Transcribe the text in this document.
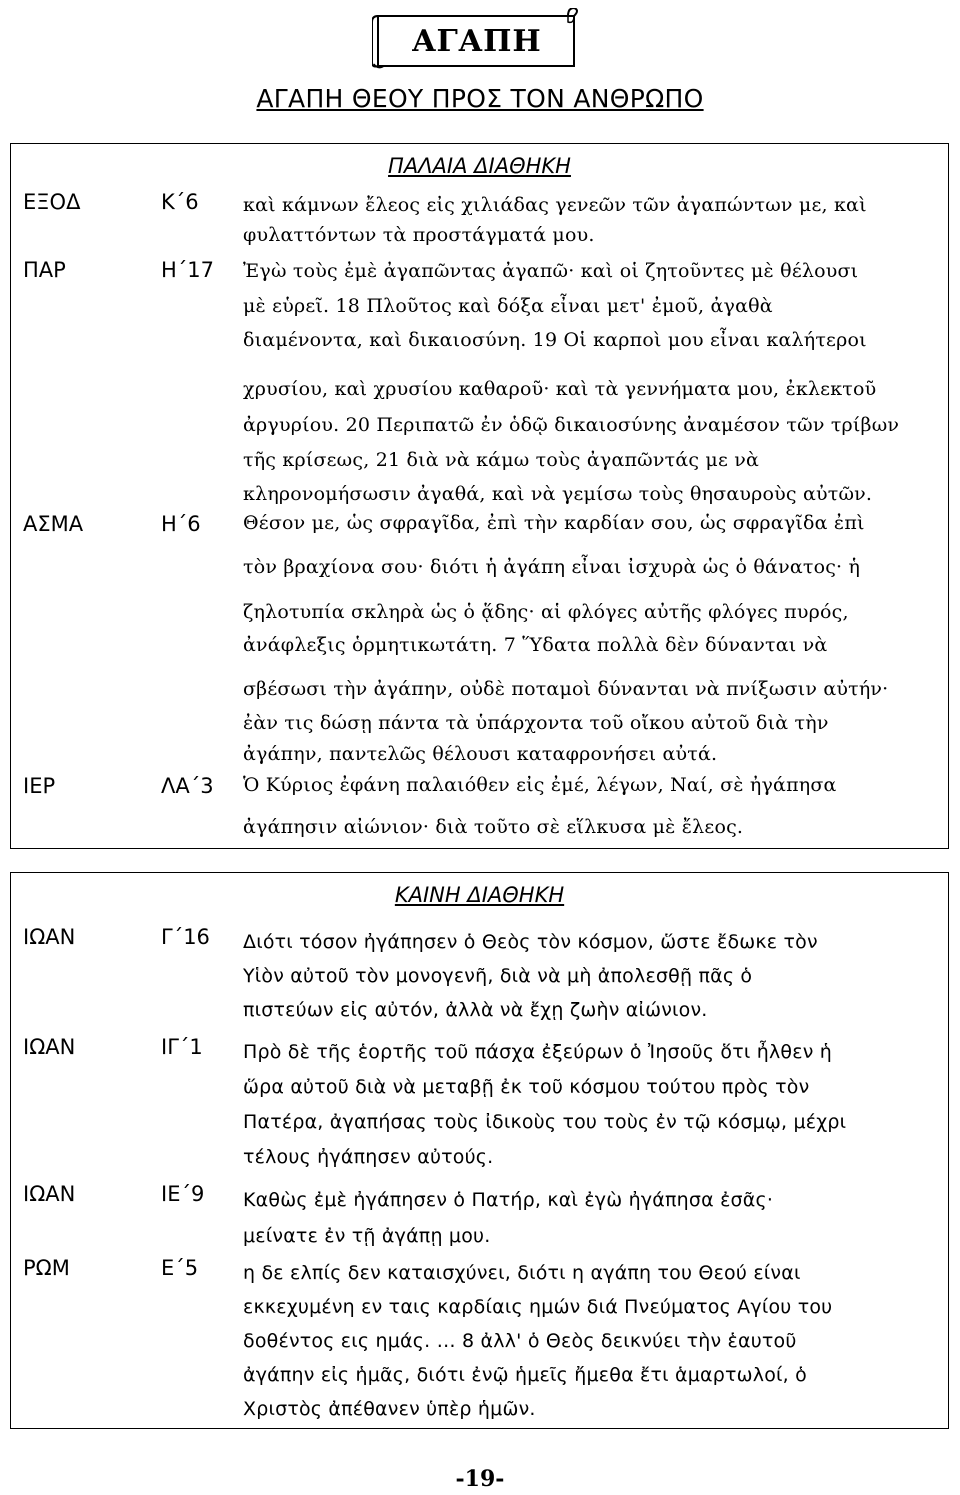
ΑΓΑΠΗ
ΑΓΑΠΗ ΘΕΟΥ ΠΡΟΣ ΤΟΝ ΑΝΘΡΩΠΟ
ΠΑΛΑΙΑ ΔΙΑΘΗΚΗ
ΕΞΟΔ	Κ΄6 καὶ κάμνων ἔλεος εἰς χιλιάδας γενεῶν τῶν ἀγαπώντων με, καὶ
φυλαττόντων τὰ προστάγματά μου.
ΠΑΡ	Η΄17 Ἐγὼ τοὺς ἐμὲ ἀγαπῶντας ἀγαπῶ· καὶ οἱ ζητοῦντες μὲ θέλουσι
μὲ εὑρεῖ. 18 Πλοῦτος καὶ δόξα εἶναι μετ' ἐμοῦ, ἀγαθὰ
διαμένοντα, καὶ δικαιοσύνη. 19 Οἱ καρποὶ μου εἶναι καλήτεροι
χρυσίου, καὶ χρυσίου καθαροῦ· καὶ τὰ γεννήματα μου, ἐκλεκτοῦ
ἀργυρίου. 20 Περιπατῶ ἐν ὁδῷ δικαιοσύνης ἀναμέσον τῶν τρίβων
τῆς κρίσεως, 21 διὰ νὰ κάμω τοὺς ἀγαπῶντάς με νὰ
κληρονομήσωσιν ἀγαθά, καὶ νὰ γεμίσω τοὺς θησαυροὺς αὐτῶν.
ΑΣΜΑ	Η΄6 Θέσον με, ὡς σφραγῖδα, ἐπὶ τὴν καρδίαν σου, ὡς σφραγῖδα ἐπὶ
τὸν βραχίονα σου· διότι ἡ ἀγάπη εἶναι ἰσχυρὰ ὡς ὁ θάνατος· ἡ
ζηλοτυπία σκληρὰ ὡς ὁ ᾅδης· αἱ φλόγες αὐτῆς φλόγες πυρός,
ἀνάφλεξις ὁρμητικωτάτη. 7 Ὕδατα πολλὰ δὲν δύνανται νὰ
σβέσωσι τὴν ἀγάπην, οὐδὲ ποταμοὶ δύνανται νὰ πνίξωσιν αὐτήν·
ἐὰν τις δώσῃ πάντα τὰ ὑπάρχοντα τοῦ οἴκου αὐτοῦ διὰ τὴν
ἀγάπην, παντελῶς θέλουσι καταφρονήσει αὐτά.
ΙΕΡ	ΛΑ΄3 Ὁ Κύριος ἐφάνη παλαιόθεν εἰς ἐμέ, λέγων, Ναί, σὲ ἠγάπησα
ἀγάπησιν αἰώνιον· διὰ τοῦτο σὲ εἵλκυσα μὲ ἔλεος.
ΚΑΙΝΗ ΔΙΑΘΗΚΗ
ΙΩΑΝ	Γ΄16 Διότι τόσον ἠγάπησεν ὁ Θεὸς τὸν κόσμον, ὥστε ἔδωκε τὸν
Υἱὸν αὐτοῦ τὸν μονογενῆ, διὰ νὰ μὴ ἀπολεσθῇ πᾶς ὁ
πιστεύων εἰς αὐτόν, ἀλλὰ νὰ ἔχῃ ζωὴν αἰώνιον.
ΙΩΑΝ	ΙΓ΄1 Πρὸ δὲ τῆς ἑορτῆς τοῦ πάσχα ἐξεύρων ὁ Ἰησοῦς ὅτι ἦλθεν ἡ
ὥρα αὐτοῦ διὰ νὰ μεταβῇ ἐκ τοῦ κόσμου τούτου πρὸς τὸν
Πατέρα, ἀγαπήσας τοὺς ἰδικοὺς του τοὺς ἐν τῷ κόσμῳ, μέχρι
τέλους ἠγάπησεν αὐτούς.
ΙΩΑΝ	ΙΕ΄9 Καθὼς ἐμὲ ἠγάπησεν ὁ Πατήρ, καὶ ἐγὼ ἠγάπησα ἐσᾶς·
μείνατε ἐν τῇ ἀγάπῃ μου.
ΡΩΜ	Ε΄5 η δε ελπίς δεν καταισχύνει, διότι η αγάπη του Θεού είναι
εκκεχυμένη εν ταις καρδίαις ημών διά Πνεύματος Αγίου του
δοθέντος εις ημάς. … 8 ἀλλ' ὁ Θεὸς δεικνύει τὴν ἑαυτοῦ
ἀγάπην εἰς ἡμᾶς, διότι ἐνῷ ἡμεῖς ἤμεθα ἔτι ἁμαρτωλοί, ὁ
Χριστὸς ἀπέθανεν ὑπὲρ ἡμῶν.
-19-
